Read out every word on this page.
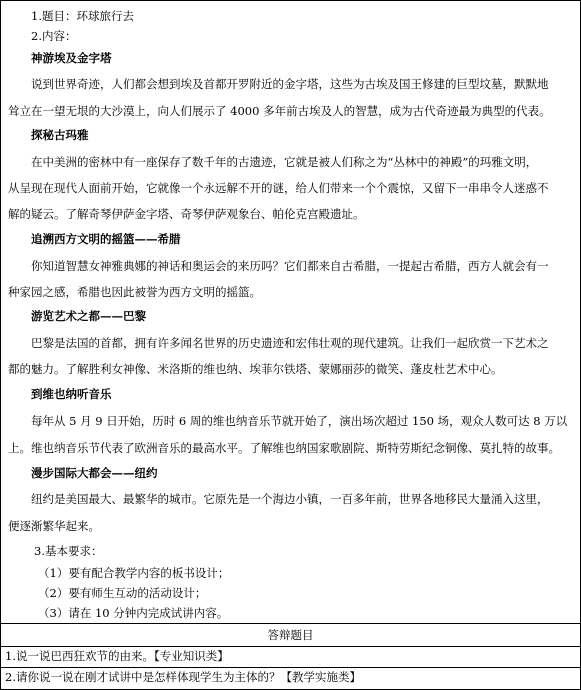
1.题目：环球旅行去
2.内容：
神游埃及金字塔
说到世界奇迹，人们都会想到埃及首都开罗附近的金字塔，这些为古埃及国王修建的巨型坟墓，默默地
耸立在一望无垠的大沙漠上，向人们展示了 4000 多年前古埃及人的智慧，成为古代奇迹最为典型的代表。
探秘古玛雅
在中美洲的密林中有一座保存了数千年的古遗迹，它就是被人们称之为“丛林中的神殿”的玛雅文明，
从呈现在现代人面前开始，它就像一个永远解不开的谜，给人们带来一个个震惊，又留下一串串令人迷惑不
解的疑云。了解奇琴伊萨金字塔、奇琴伊萨观象台、帕伦克宫殿遗址。
追溯西方文明的摇篮——希腊
你知道智慧女神雅典娜的神话和奥运会的来历吗？它们都来自古希腊，一提起古希腊，西方人就会有一
种家园之感，希腊也因此被誉为西方文明的摇篮。
游览艺术之都——巴黎
巴黎是法国的首都，拥有许多闻名世界的历史遗迹和宏伟壮观的现代建筑。让我们一起欣赏一下艺术之
都的魅力。了解胜利女神像、米洛斯的维也纳、埃菲尔铁塔、蒙娜丽莎的微笑、蓬皮杜艺术中心。
到维也纳听音乐
每年从 5 月 9 日开始，历时 6 周的维也纳音乐节就开始了，演出场次超过 150 场，观众人数可达 8 万以
上。维也纳音乐节代表了欧洲音乐的最高水平。了解维也纳国家歌剧院、斯特劳斯纪念铜像、莫扎特的故事。
漫步国际大都会——纽约
纽约是美国最大、最繁华的城市。它原先是一个海边小镇，一百多年前，世界各地移民大量涌入这里，
便逐渐繁华起来。
3.基本要求：
（1）要有配合教学内容的板书设计；
（2）要有师生互动的活动设计；
（3）请在 10 分钟内完成试讲内容。
答辩题目
1.说一说巴西狂欢节的由来。【专业知识类】
2.请你说一说在刚才试讲中是怎样体现学生为主体的？【教学实施类】
